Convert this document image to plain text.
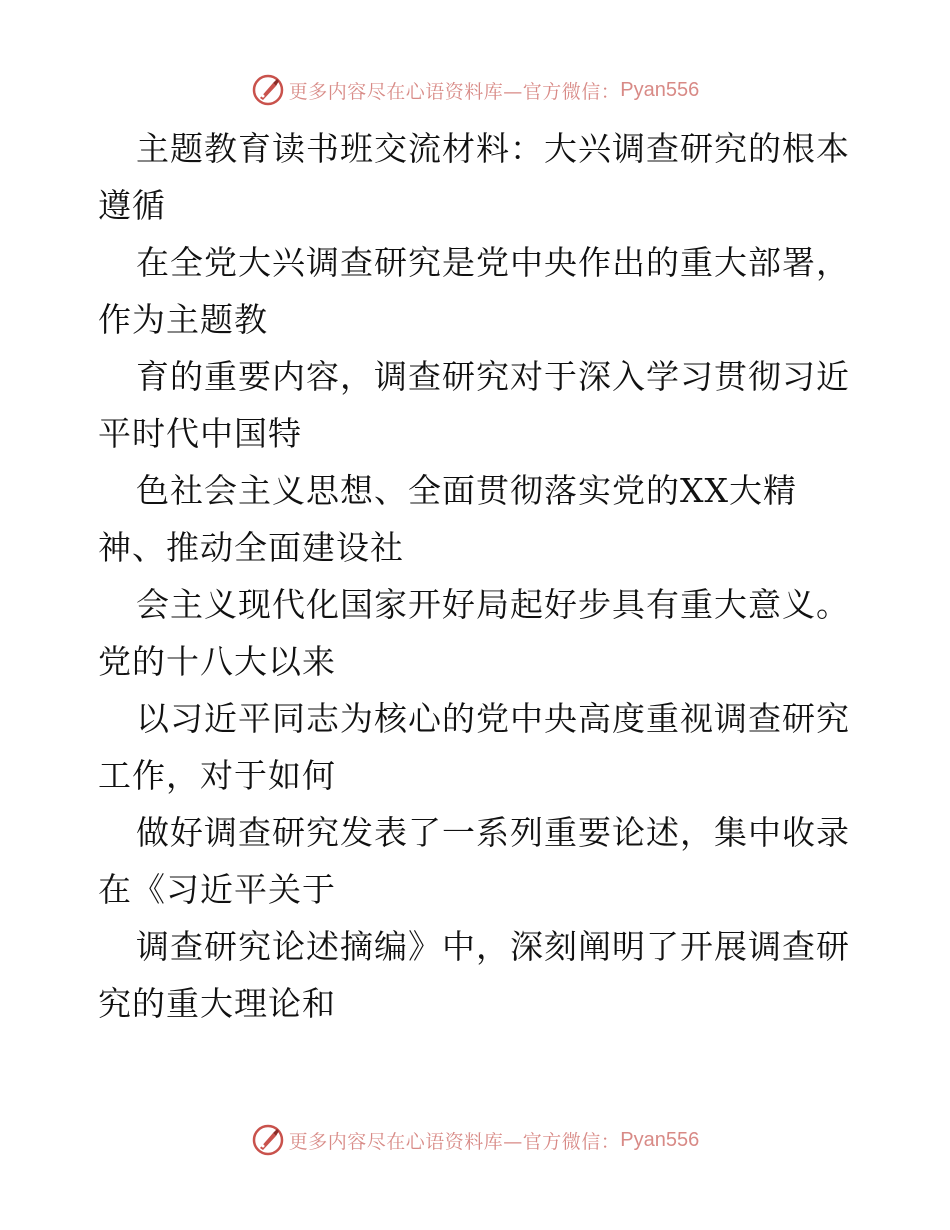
更多内容尽在心语资料库—官方微信： Pyan556
主题教育读书班交流材料：大兴调查研究的根本
遵循
在全党大兴调查研究是党中央作出的重大部署，
作为主题教
育的重要内容，调查研究对于深入学习贯彻习近
平时代中国特
色社会主义思想、全面贯彻落实党的XX大精
神、推动全面建设社
会主义现代化国家开好局起好步具有重大意义。
党的十八大以来
以习近平同志为核心的党中央高度重视调查研究
工作，对于如何
做好调查研究发表了一系列重要论述，集中收录
在《习近平关于
调查研究论述摘编》中，深刻阐明了开展调查研
究的重大理论和
更多内容尽在心语资料库—官方微信： Pyan556
